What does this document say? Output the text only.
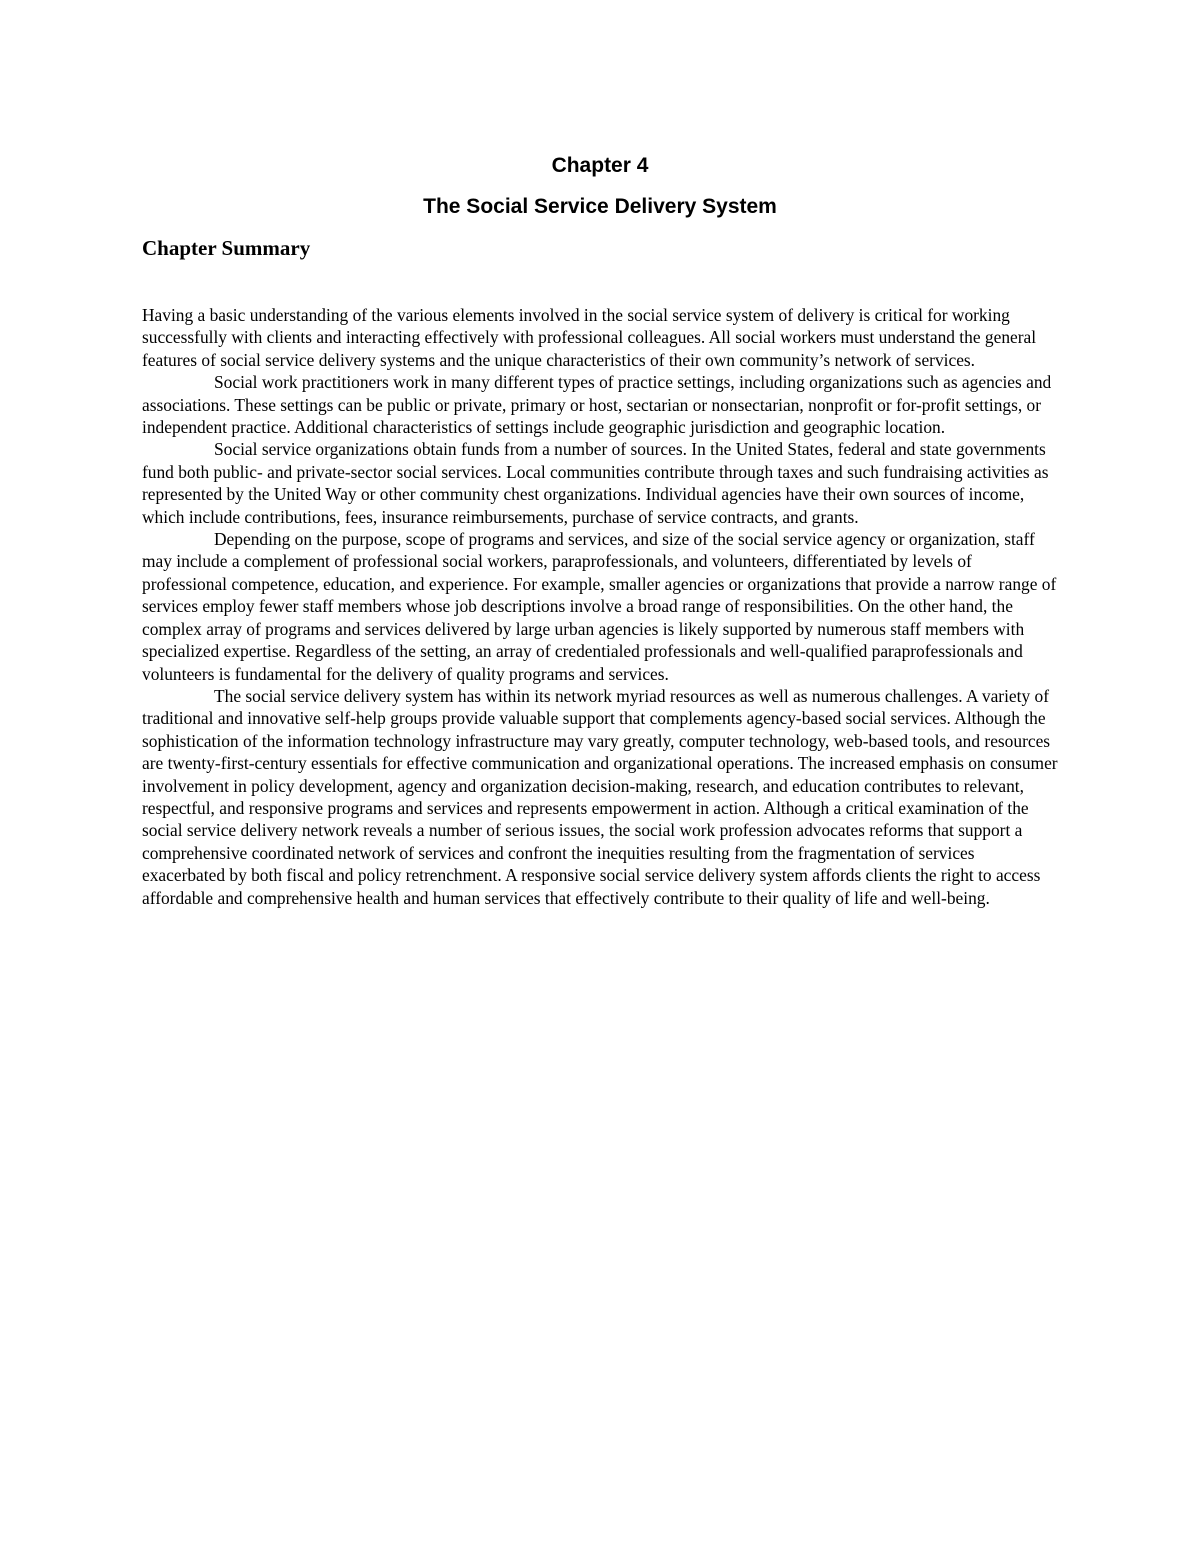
Chapter 4
The Social Service Delivery System
Chapter Summary

Having a basic understanding of the various elements involved in the social service system of delivery is critical for working successfully with clients and interacting effectively with professional colleagues. All social workers must understand the general features of social service delivery systems and the unique characteristics of their own community’s network of services.

Social work practitioners work in many different types of practice settings, including organizations such as agencies and associations. These settings can be public or private, primary or host, sectarian or nonsectarian, nonprofit or for-profit settings, or independent practice. Additional characteristics of settings include geographic jurisdiction and geographic location.

Social service organizations obtain funds from a number of sources. In the United States, federal and state governments fund both public- and private-sector social services. Local communities contribute through taxes and such fundraising activities as represented by the United Way or other community chest organizations. Individual agencies have their own sources of income, which include contributions, fees, insurance reimbursements, purchase of service contracts, and grants.

Depending on the purpose, scope of programs and services, and size of the social service agency or organization, staff may include a complement of professional social workers, paraprofessionals, and volunteers, differentiated by levels of professional competence, education, and experience. For example, smaller agencies or organizations that provide a narrow range of services employ fewer staff members whose job descriptions involve a broad range of responsibilities. On the other hand, the complex array of programs and services delivered by large urban agencies is likely supported by numerous staff members with specialized expertise. Regardless of the setting, an array of credentialed professionals and well-qualified paraprofessionals and volunteers is fundamental for the delivery of quality programs and services.

The social service delivery system has within its network myriad resources as well as numerous challenges. A variety of traditional and innovative self-help groups provide valuable support that complements agency-based social services. Although the sophistication of the information technology infrastructure may vary greatly, computer technology, web-based tools, and resources are twenty-first-century essentials for effective communication and organizational operations. The increased emphasis on consumer involvement in policy development, agency and organization decision-making, research, and education contributes to relevant, respectful, and responsive programs and services and represents empowerment in action. Although a critical examination of the social service delivery network reveals a number of serious issues, the social work profession advocates reforms that support a comprehensive coordinated network of services and confront the inequities resulting from the fragmentation of services exacerbated by both fiscal and policy retrenchment. A responsive social service delivery system affords clients the right to access affordable and comprehensive health and human services that effectively contribute to their quality of life and well-being.
